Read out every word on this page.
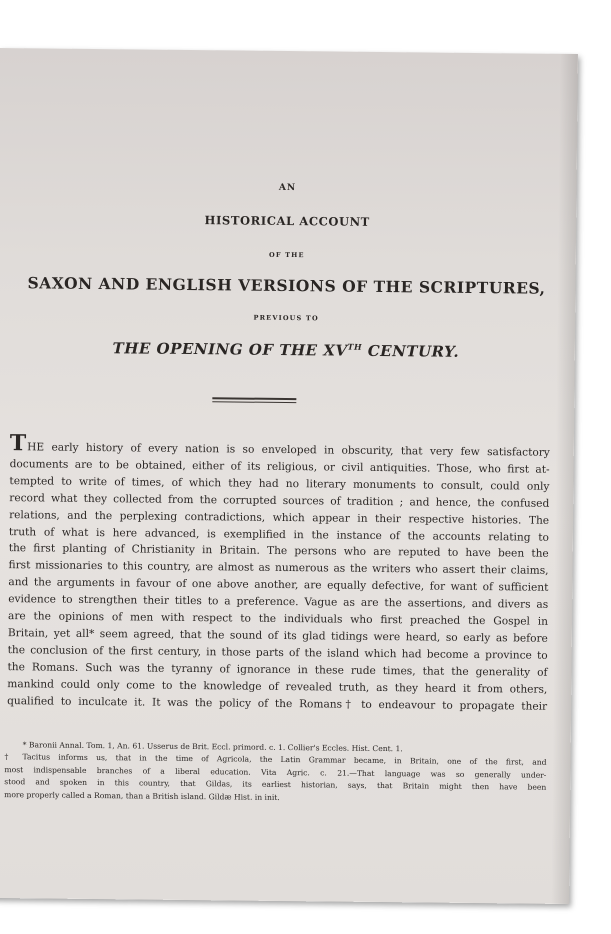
AN
HISTORICAL ACCOUNT
OF THE
SAXON AND ENGLISH VERSIONS OF THE SCRIPTURES,
PREVIOUS TO
THE OPENING OF THE XVTH CENTURY.
THE early history of every nation is so enveloped in obscurity, that very few satisfactory
documents are to be obtained, either of its religious, or civil antiquities. Those, who first at-
tempted to write of times, of which they had no literary monuments to consult, could only
record what they collected from the corrupted sources of tradition ; and hence, the confused
relations, and the perplexing contradictions, which appear in their respective histories. The
truth of what is here advanced, is exemplified in the instance of the accounts relating to
the first planting of Christianity in Britain. The persons who are reputed to have been the
first missionaries to this country, are almost as numerous as the writers who assert their claims,
and the arguments in favour of one above another, are equally defective, for want of sufficient
evidence to strengthen their titles to a preference. Vague as are the assertions, and divers as
are the opinions of men with respect to the individuals who first preached the Gospel in
Britain, yet all* seem agreed, that the sound of its glad tidings were heard, so early as before
the conclusion of the first century, in those parts of the island which had become a province to
the Romans. Such was the tyranny of ignorance in these rude times, that the generality of
mankind could only come to the knowledge of revealed truth, as they heard it from others,
qualified to inculcate it. It was the policy of the Romans† to endeavour to propagate their
* Baronii Annal. Tom. 1, An. 61. Usserus de Brit. Eccl. primord. c. 1. Collier's Eccles. Hist. Cent. 1.
† Tacitus informs us, that in the time of Agricola, the Latin Grammar became, in Britain, one of the first, and
most indispensable branches of a liberal education. Vita Agric. c. 21.—That language was so generally under-
stood and spoken in this country, that Gildas, its earliest historian, says, that Britain might then have been
more properly called a Roman, than a British island. Gildæ Hist. in init.
